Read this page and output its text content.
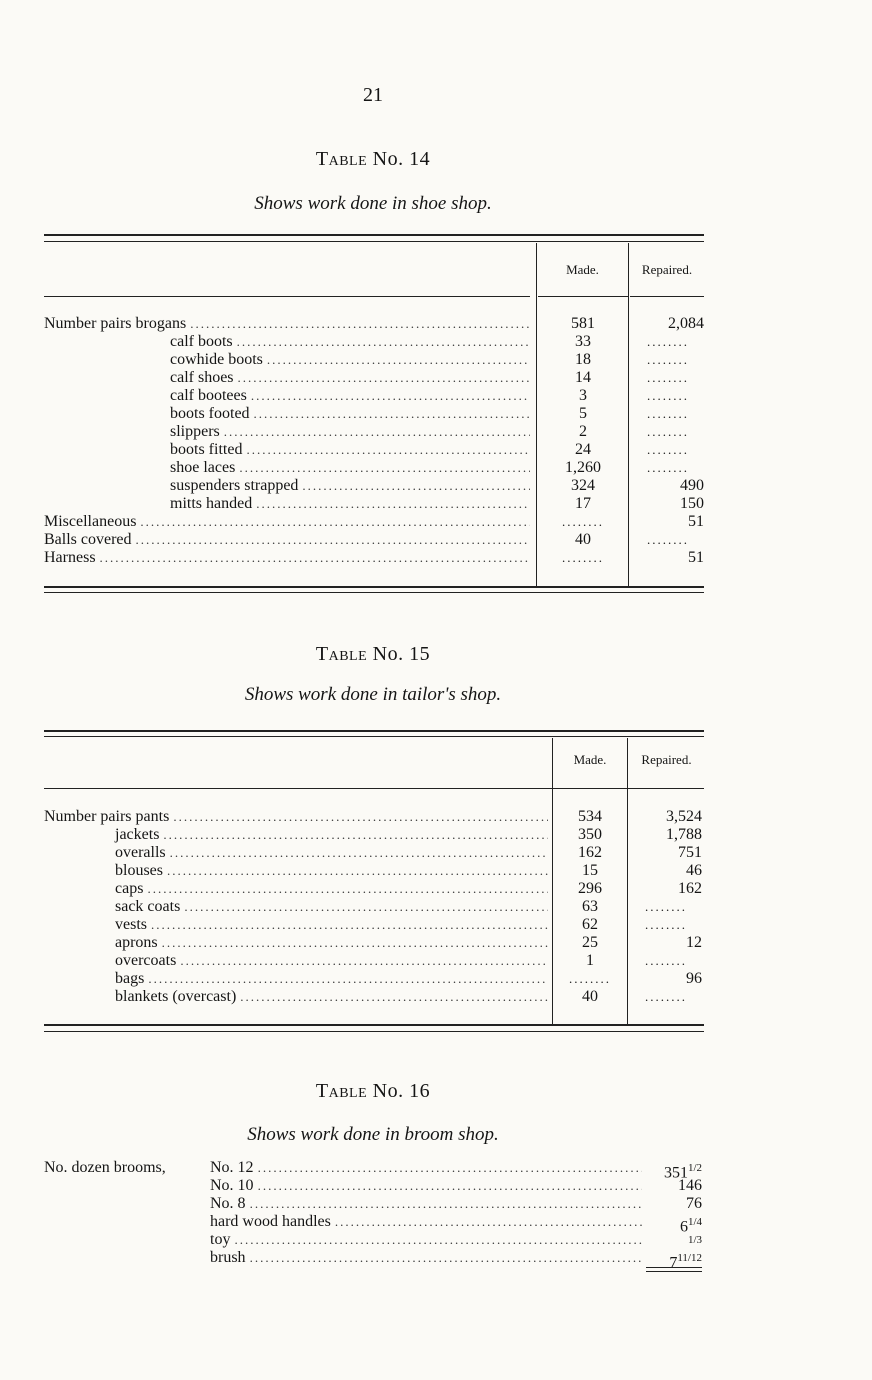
21
Table No. 14
Shows work done in shoe shop.
Made.	Repaired.
Number pairs brogans .....	581	2,084
calf boots .....	33	........
cowhide boots .....	18	........
calf shoes .....	14	........
calf bootees .....	3	........
boots footed .....	5	........
slippers .....	2	........
boots fitted .....	24	........
shoe laces .....	1,260	........
suspenders strapped .....	324	490
mitts handed .....	17	150
Miscellaneous .....	........	51
Balls covered .....	40	........
Harness .....	........	51
Table No. 15
Shows work done in tailor's shop.
Made.	Repaired.
Number pairs pants .....	534	3,524
jackets .....	350	1,788
overalls .....	162	751
blouses .....	15	46
caps .....	296	162
sack coats .....	63	........
vests .....	62	........
aprons .....	25	12
overcoats .....	1	........
bags .....	........	96
blankets (overcast) .....	40	........
Table No. 16
Shows work done in broom shop.
No. dozen brooms,	No. 12 .....	$351^{1/2}$
No. 10 .....	146
No. 8 .....	76
hard wood handles .....	$6^{1/4}$
toy .....	$^{1/3}$
brush .....	$7^{11/12}$
